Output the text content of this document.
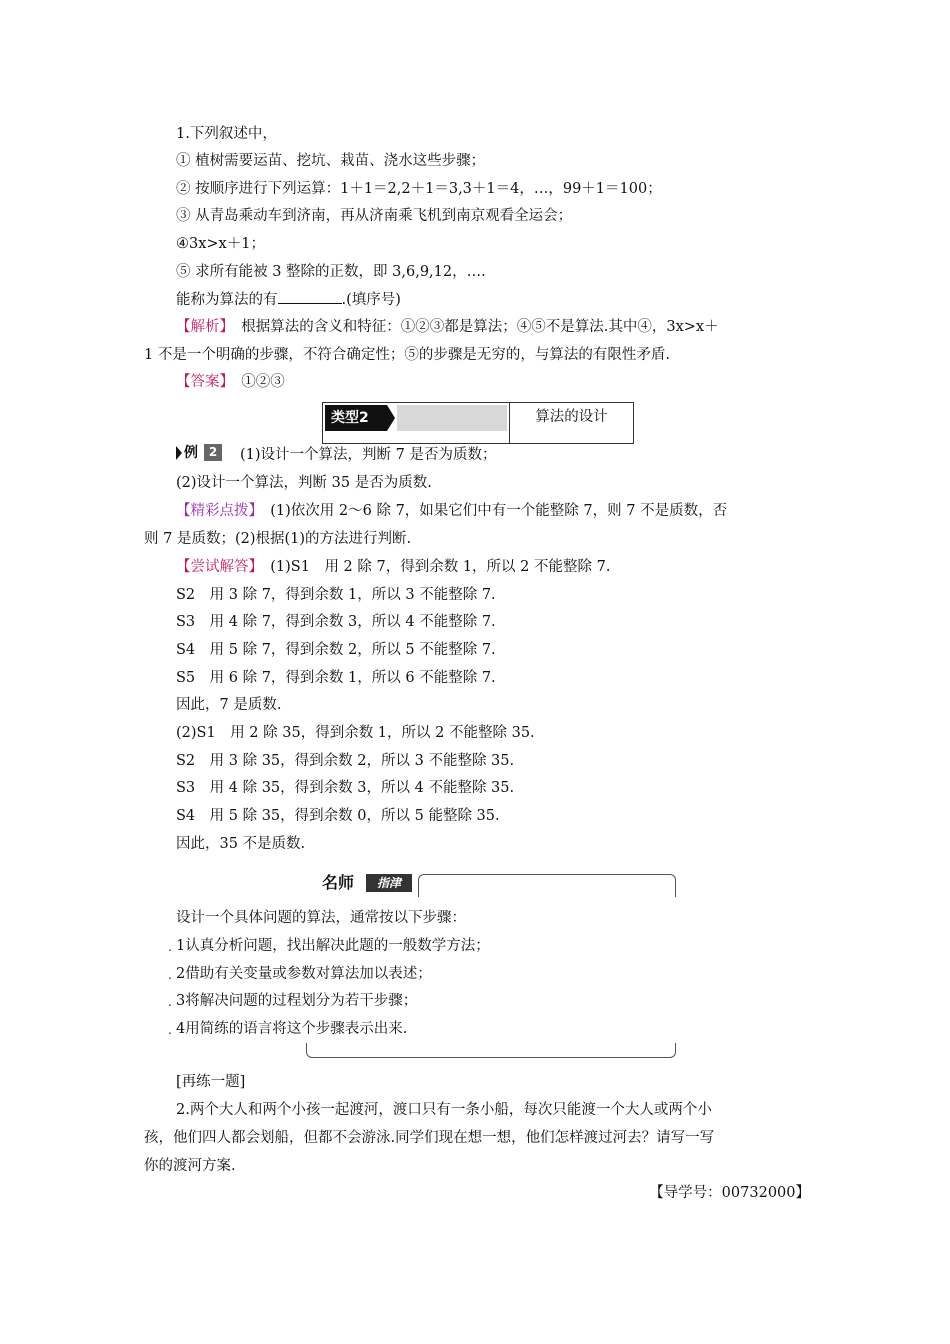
1.下列叙述中，
① 植树需要运苗、挖坑、栽苗、浇水这些步骤；
② 按顺序进行下列运算：1＋1＝2,2＋1＝3,3＋1＝4，…，99＋1＝100；
③ 从青岛乘动车到济南，再从济南乘飞机到南京观看全运会；
④3x>x＋1；
⑤ 求所有能被 3 整除的正数，即 3,6,9,12，….
能称为算法的有	.(填序号)
【解析】　根据算法的含义和特征：①②③都是算法；④⑤不是算法.其中④，3x>x＋
1 不是一个明确的步骤，不符合确定性；⑤的步骤是无穷的，与算法的有限性矛盾.
【答案】　①②③
类型2	算法的设计
例 2	(1)设计一个算法，判断 7 是否为质数；
(2)设计一个算法，判断 35 是否为质数.
【精彩点拨】　(1)依次用 2～6 除 7，如果它们中有一个能整除 7，则 7 不是质数，否
则 7 是质数；(2)根据(1)的方法进行判断.
【尝试解答】　(1)S1　用 2 除 7，得到余数 1，所以 2 不能整除 7.
S2　用 3 除 7，得到余数 1，所以 3 不能整除 7.
S3　用 4 除 7，得到余数 3，所以 4 不能整除 7.
S4　用 5 除 7，得到余数 2，所以 5 不能整除 7.
S5　用 6 除 7，得到余数 1，所以 6 不能整除 7.
因此，7 是质数.
(2)S1　用 2 除 35，得到余数 1，所以 2 不能整除 35.
S2　用 3 除 35，得到余数 2，所以 3 不能整除 35.
S3　用 4 除 35，得到余数 3，所以 4 不能整除 35.
S4　用 5 除 35，得到余数 0，所以 5 能整除 35.
因此，35 不是质数.
名师	指津
设计一个具体问题的算法，通常按以下步骤：
. 1认真分析问题，找出解决此题的一般数学方法；
. 2借助有关变量或参数对算法加以表述；
. 3将解决问题的过程划分为若干步骤；
. 4用简练的语言将这个步骤表示出来.
[再练一题]
2.两个大人和两个小孩一起渡河，渡口只有一条小船，每次只能渡一个大人或两个小
孩，他们四人都会划船，但都不会游泳.同学们现在想一想，他们怎样渡过河去？请写一写
你的渡河方案.
【导学号：00732000】
